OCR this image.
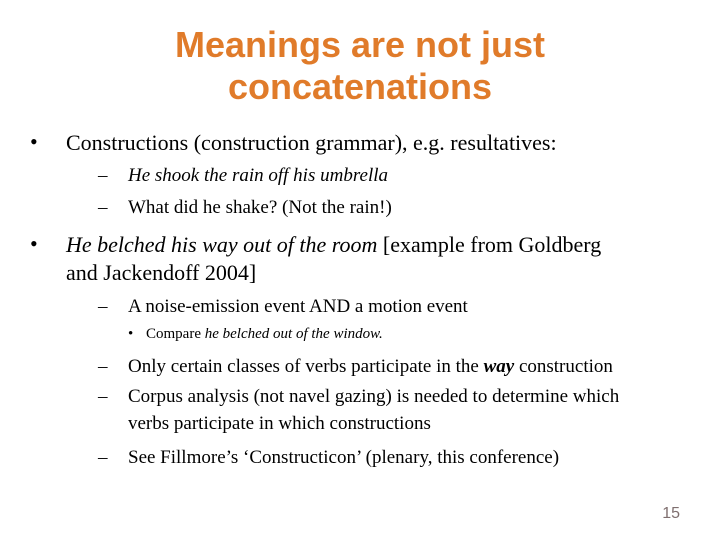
Meanings are not just
concatenations
• Constructions (construction grammar), e.g. resultatives:
– He shook the rain off his umbrella
– What did he shake? (Not the rain!)
• He belched his way out of the room [example from Goldberg
and Jackendoff 2004]
– A noise-emission event AND a motion event
• Compare he belched out of the window.
– Only certain classes of verbs participate in the way construction
– Corpus analysis (not navel gazing) is needed to determine which
verbs participate in which constructions
– See Fillmore’s ‘Constructicon’ (plenary, this conference)
15
